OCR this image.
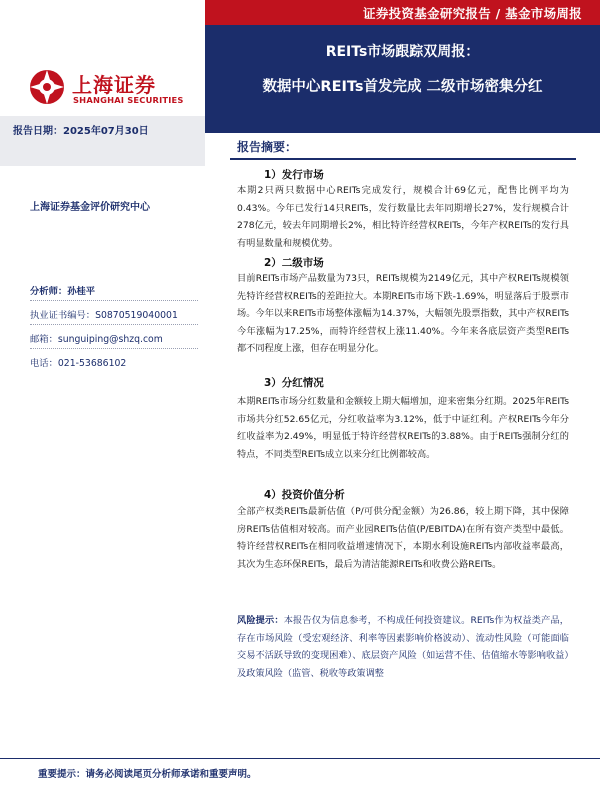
上海证券
SHANGHAI SECURITIES
证券投资基金研究报告 / 基金市场周报
REITs市场跟踪双周报：
数据中心REITs首发完成 二级市场密集分红
报告日期：2025年07月30日
上海证券基金评价研究中心
分析师：孙桂平
执业证书编号：S0870519040001
邮箱：sunguiping@shzq.com
电话：021-53686102
报告摘要：
1）发行市场
本期2只两只数据中心REITs完成发行，规模合计69亿元，配售比例平均为0.43%。今年已发行14只REITs，发行数量比去年同期增长27%，发行规模合计278亿元，较去年同期增长2%，相比特许经营权REITs，今年产权REITs的发行具有明显数量和规模优势。
2）二级市场
目前REITs市场产品数量为73只，REITs规模为2149亿元，其中产权REITs规模领先特许经营权REITs的差距拉大。本期REITs市场下跌-1.69%，明显落后于股票市场。今年以来REITs市场整体涨幅为14.37%，大幅领先股票指数，其中产权REITs今年涨幅为17.25%，而特许经营权上涨11.40%。今年来各底层资产类型REITs都不同程度上涨，但存在明显分化。
3）分红情况
本期REITs市场分红数量和金额较上期大幅增加，迎来密集分红期。2025年REITs市场共分红52.65亿元，分红收益率为3.12%，低于中证红利。产权REITs今年分红收益率为2.49%，明显低于特许经营权REITs的3.88%。由于REITs强制分红的特点，不同类型REITs成立以来分红比例都较高。
4）投资价值分析
全部产权类REITs最新估值（P/可供分配金额）为26.86，较上期下降，其中保障房REITs估值相对较高。而产业园REITs估值(P/EBITDA)在所有资产类型中最低。特许经营权REITs在相同收益增速情况下，本期水利设施REITs内部收益率最高，其次为生态环保REITs，最后为清洁能源REITs和收费公路REITs。
风险提示：本报告仅为信息参考，不构成任何投资建议。REITs作为权益类产品，存在市场风险（受宏观经济、利率等因素影响价格波动）、流动性风险（可能面临交易不活跃导致的变现困难）、底层资产风险（如运营不佳、估值缩水等影响收益）及政策风险（监管、税收等政策调整
重要提示：请务必阅读尾页分析师承诺和重要声明。
